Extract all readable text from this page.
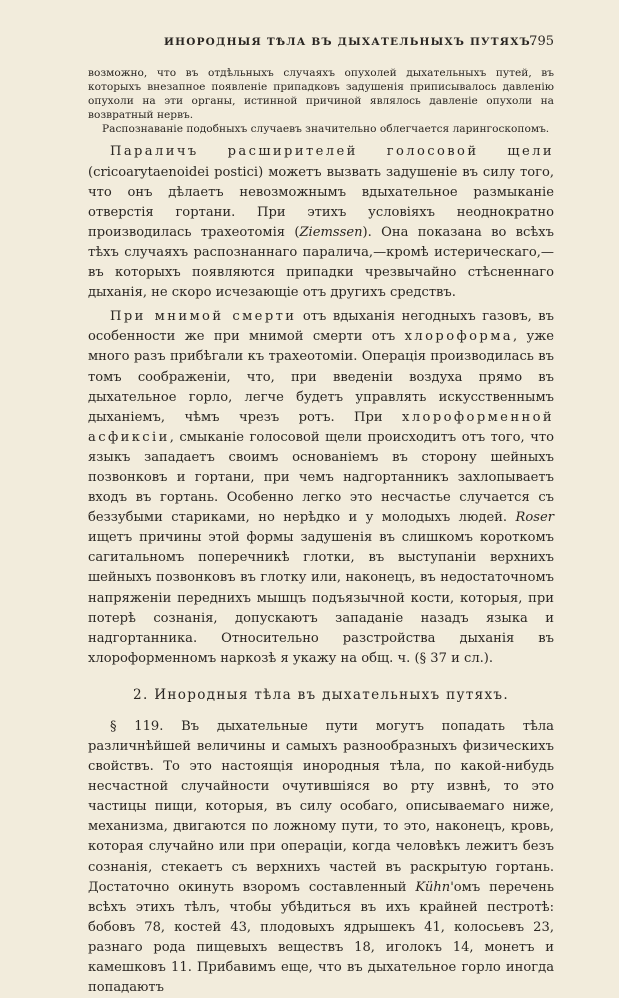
ИНОРОДНЫЯ ТѢЛА ВЪ ДЫХАТЕЛЬНЫХЪ ПУТЯХЪ.
795

возможно, что въ отдѣльныхъ случаяхъ опухолей дыхательныхъ путей, въ которыхъ внезапное появленіе припадковъ задушенія приписывалось давленію опухоли на эти органы, истинной причиной являлось давленіе опухоли на возвратный нервъ.

Распознаваніе подобныхъ случаевъ значительно облегчается ларингоскопомъ.

Параличъ расширителей голосовой щели (cricoarytaenoidei postici) можетъ вызвать задушеніе въ силу того, что онъ дѣлаетъ невозможнымъ вдыхательное размыканіе отверстія гортани. При этихъ условіяхъ неоднократно производилась трахеотомія (Ziemssen). Она показана во всѣхъ тѣхъ случаяхъ распознаннаго паралича,—кромѣ истерическаго,—въ которыхъ появляются припадки чрезвычайно стѣсненнаго дыханія, не скоро исчезающіе отъ другихъ средствъ.

При мнимой смерти отъ вдыханія негодныхъ газовъ, въ особенности же при мнимой смерти отъ хлороформа, уже много разъ прибѣгали къ трахеотоміи. Операція производилась въ томъ соображеніи, что, при введеніи воздуха прямо въ дыхательное горло, легче будетъ управлять искусственнымъ дыханіемъ, чѣмъ чрезъ ротъ. При хлороформенной асфиксіи, смыканіе голосовой щели происходитъ отъ того, что языкъ западаетъ своимъ основаніемъ въ сторону шейныхъ позвонковъ и гортани, при чемъ надгортанникъ захлопываетъ входъ въ гортань. Особенно легко это несчастье случается съ беззубыми стариками, но нерѣдко и у молодыхъ людей. Roser ищетъ причины этой формы задушенія въ слишкомъ короткомъ сагитальномъ поперечникѣ глотки, въ выступаніи верхнихъ шейныхъ позвонковъ въ глотку или, наконецъ, въ недостаточномъ напряженіи переднихъ мышцъ подъязычной кости, которыя, при потерѣ сознанія, допускаютъ западаніе назадъ языка и надгортанника. Относительно разстройства дыханія въ хлороформенномъ наркозѣ я укажу на общ. ч. (§ 37 и сл.).

2. Инородныя тѣла въ дыхательныхъ путяхъ.

§ 119. Въ дыхательные пути могутъ попадать тѣла различнѣйшей величины и самыхъ разнообразныхъ физическихъ свойствъ. То это настоящія инородныя тѣла, по какой-нибудь несчастной случайности очутившіяся во рту извнѣ, то это частицы пищи, которыя, въ силу особаго, описываемаго ниже, механизма, двигаются по ложному пути, то это, наконецъ, кровь, которая случайно или при операціи, когда человѣкъ лежитъ безъ сознанія, стекаетъ съ верхнихъ частей въ раскрытую гортань. Достаточно окинуть взоромъ составленный Kühn'омъ перечень всѣхъ этихъ тѣлъ, чтобы убѣдиться въ ихъ крайней пестротѣ: бобовъ 78, костей 43, плодовыхъ ядрышекъ 41, колосьевъ 23, разнаго рода пищевыхъ веществъ 18, иголокъ 14, монетъ и камешковъ 11. Прибавимъ еще, что въ дыхательное горло иногда попадаютъ
